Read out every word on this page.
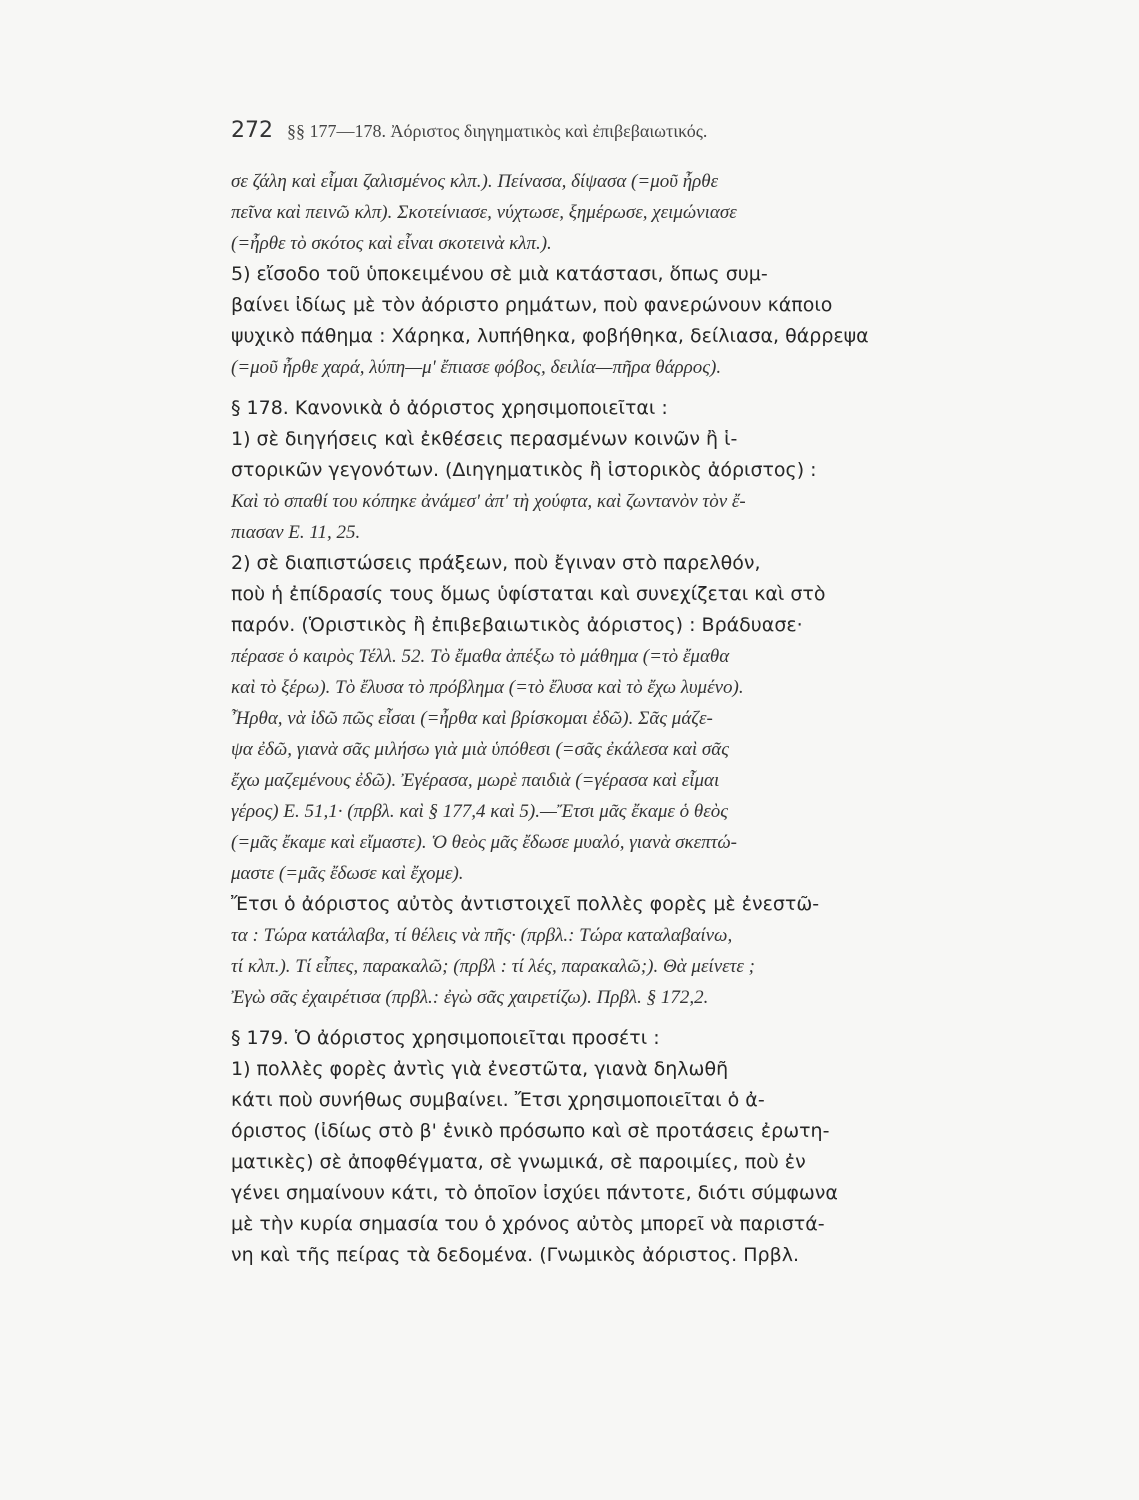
272 §§ 177—178. Ἀόριστος διηγηματικὸς καὶ ἐπιβεβαιωτικός.
σε ζάλη καὶ εἶμαι ζαλισμένος κλπ.). Πείνασα, δίψασα (=μοῦ ἦρθε
πεῖνα καὶ πεινῶ κλπ). Σκοτείνιασε, νύχτωσε, ξημέρωσε, χειμώνιασε
(=ἦρθε τὸ σκότος καὶ εἶναι σκοτεινὰ κλπ.).
5) εἴσοδο τοῦ ὑποκειμένου σὲ μιὰ κατάστασι, ὅπως συμ-
βαίνει ἰδίως μὲ τὸν ἀόριστο ρημάτων, ποὺ φανερώνουν κάποιο
ψυχικὸ πάθημα : Χάρηκα, λυπήθηκα, φοβήθηκα, δείλιασα, θάρρεψα
(=μοῦ ἦρθε χαρά, λύπη—μ' ἔπιασε φόβος, δειλία—πῆρα θάρρος).
§ 178. Κανονικὰ ὁ ἀόριστος χρησιμοποιεῖται :
1) σὲ διηγήσεις καὶ ἐκθέσεις περασμένων κοινῶν ἢ ἱ-
στορικῶν γεγονότων. (Διηγηματικὸς ἢ ἱστορικὸς ἀόριστος) :
Καὶ τὸ σπαθί του κόπηκε ἀνάμεσ' ἀπ' τὴ χούφτα, καὶ ζωντανὸν τὸν ἔ-
πιασαν Ε. 11, 25.
2) σὲ διαπιστώσεις πράξεων, ποὺ ἔγιναν στὸ παρελθόν,
ποὺ ἡ ἐπίδρασίς τους ὅμως ὑφίσταται καὶ συνεχίζεται καὶ στὸ
παρόν. (Ὁριστικὸς ἢ ἐπιβεβαιωτικὸς ἀόριστος) : Βράδυασε·
πέρασε ὁ καιρὸς Τέλλ. 52. Τὸ ἔμαθα ἀπέξω τὸ μάθημα (=τὸ ἔμαθα
καὶ τὸ ξέρω). Τὸ ἔλυσα τὸ πρόβλημα (=τὸ ἔλυσα καὶ τὸ ἔχω λυμένο).
Ἦρθα, νὰ ἰδῶ πῶς εἶσαι (=ἦρθα καὶ βρίσκομαι ἐδῶ). Σᾶς μάζε-
ψα ἐδῶ, γιανὰ σᾶς μιλήσω γιὰ μιὰ ὑπόθεσι (=σᾶς ἐκάλεσα καὶ σᾶς
ἔχω μαζεμένους ἐδῶ). Ἐγέρασα, μωρὲ παιδιὰ (=γέρασα καὶ εἶμαι
γέρος) Ε. 51,1· (πρβλ. καὶ § 177,4 καὶ 5).—Ἔτσι μᾶς ἔκαμε ὁ θεὸς
(=μᾶς ἔκαμε καὶ εἴμαστε). Ὁ θεὸς μᾶς ἔδωσε μυαλό, γιανὰ σκεπτώ-
μαστε (=μᾶς ἔδωσε καὶ ἔχομε).
Ἔτσι ὁ ἀόριστος αὐτὸς ἀντιστοιχεῖ πολλὲς φορὲς μὲ ἐνεστῶ-
τα : Τώρα κατάλαβα, τί θέλεις νὰ πῆς· (πρβλ.: Τώρα καταλαβαίνω,
τί κλπ.). Τί εἶπες, παρακαλῶ; (πρβλ : τί λές, παρακαλῶ;). Θὰ μείνετε ;
Ἐγὼ σᾶς ἐχαιρέτισα (πρβλ.: ἐγὼ σᾶς χαιρετίζω). Πρβλ. § 172,2.
§ 179. Ὁ ἀόριστος χρησιμοποιεῖται προσέτι :
1) πολλὲς φορὲς ἀντὶς γιὰ ἐνεστῶτα, γιανὰ δηλωθῆ
κάτι ποὺ συνήθως συμβαίνει. Ἔτσι χρησιμοποιεῖται ὁ ἀ-
όριστος (ἰδίως στὸ β' ἑνικὸ πρόσωπο καὶ σὲ προτάσεις ἐρωτη-
ματικὲς) σὲ ἀποφθέγματα, σὲ γνωμικά, σὲ παροιμίες, ποὺ ἐν
γένει σημαίνουν κάτι, τὸ ὁποῖον ἰσχύει πάντοτε, διότι σύμφωνα
μὲ τὴν κυρία σημασία του ὁ χρόνος αὐτὸς μπορεῖ νὰ παριστά-
νη καὶ τῆς πείρας τὰ δεδομένα. (Γνωμικὸς ἀόριστος. Πρβλ.
